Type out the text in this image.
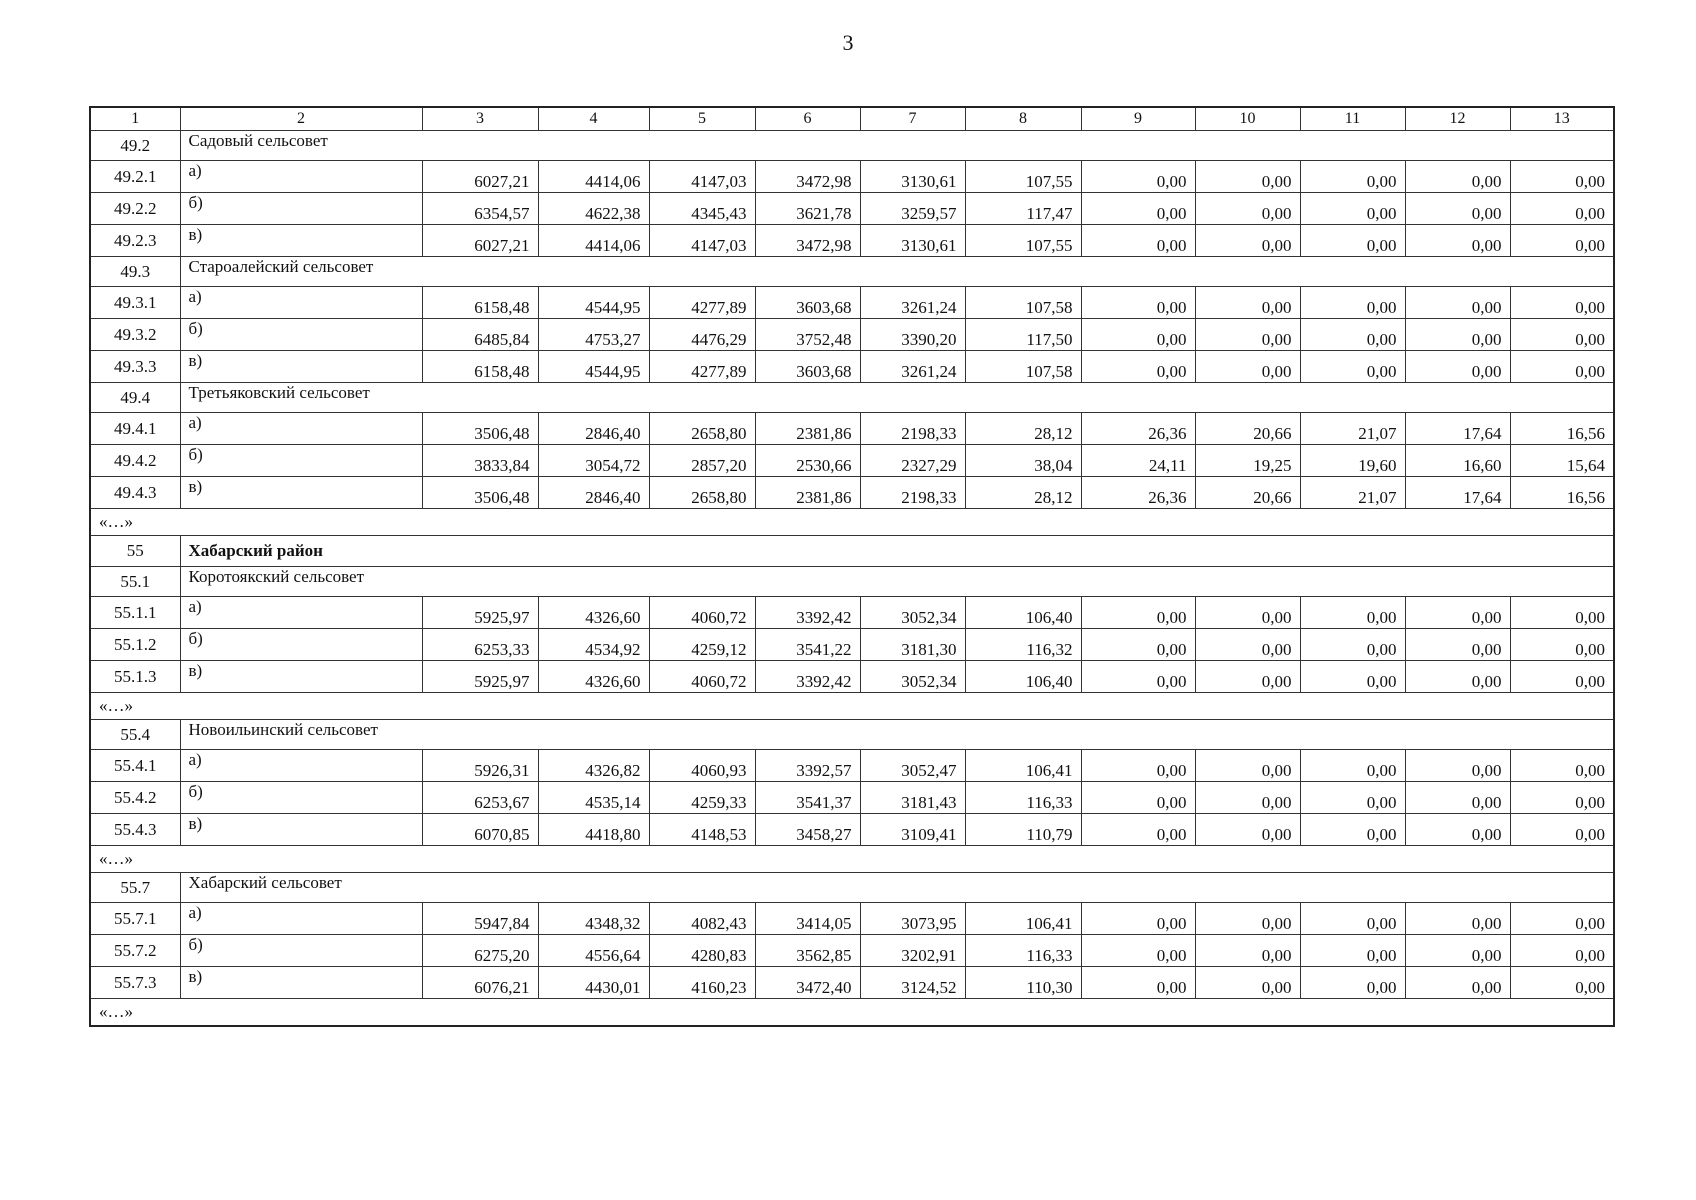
3
1	2	3	4	5	6	7	8	9	10	11	12	13
49.2	Садовый сельсовет											
49.2.1	а)	6027,21	4414,06	4147,03	3472,98	3130,61	107,55	0,00	0,00	0,00	0,00	0,00
49.2.2	б)	6354,57	4622,38	4345,43	3621,78	3259,57	117,47	0,00	0,00	0,00	0,00	0,00
49.2.3	в)	6027,21	4414,06	4147,03	3472,98	3130,61	107,55	0,00	0,00	0,00	0,00	0,00
49.3	Староалейский сельсовет											
49.3.1	а)	6158,48	4544,95	4277,89	3603,68	3261,24	107,58	0,00	0,00	0,00	0,00	0,00
49.3.2	б)	6485,84	4753,27	4476,29	3752,48	3390,20	117,50	0,00	0,00	0,00	0,00	0,00
49.3.3	в)	6158,48	4544,95	4277,89	3603,68	3261,24	107,58	0,00	0,00	0,00	0,00	0,00
49.4	Третьяковский сельсовет											
49.4.1	а)	3506,48	2846,40	2658,80	2381,86	2198,33	28,12	26,36	20,66	21,07	17,64	16,56
49.4.2	б)	3833,84	3054,72	2857,20	2530,66	2327,29	38,04	24,11	19,25	19,60	16,60	15,64
49.4.3	в)	3506,48	2846,40	2658,80	2381,86	2198,33	28,12	26,36	20,66	21,07	17,64	16,56
«…»												
55	Хабарский район											
55.1	Коротоякский сельсовет											
55.1.1	а)	5925,97	4326,60	4060,72	3392,42	3052,34	106,40	0,00	0,00	0,00	0,00	0,00
55.1.2	б)	6253,33	4534,92	4259,12	3541,22	3181,30	116,32	0,00	0,00	0,00	0,00	0,00
55.1.3	в)	5925,97	4326,60	4060,72	3392,42	3052,34	106,40	0,00	0,00	0,00	0,00	0,00
«…»												
55.4	Новоильинский сельсовет											
55.4.1	а)	5926,31	4326,82	4060,93	3392,57	3052,47	106,41	0,00	0,00	0,00	0,00	0,00
55.4.2	б)	6253,67	4535,14	4259,33	3541,37	3181,43	116,33	0,00	0,00	0,00	0,00	0,00
55.4.3	в)	6070,85	4418,80	4148,53	3458,27	3109,41	110,79	0,00	0,00	0,00	0,00	0,00
«…»												
55.7	Хабарский сельсовет											
55.7.1	а)	5947,84	4348,32	4082,43	3414,05	3073,95	106,41	0,00	0,00	0,00	0,00	0,00
55.7.2	б)	6275,20	4556,64	4280,83	3562,85	3202,91	116,33	0,00	0,00	0,00	0,00	0,00
55.7.3	в)	6076,21	4430,01	4160,23	3472,40	3124,52	110,30	0,00	0,00	0,00	0,00	0,00
«…»												
